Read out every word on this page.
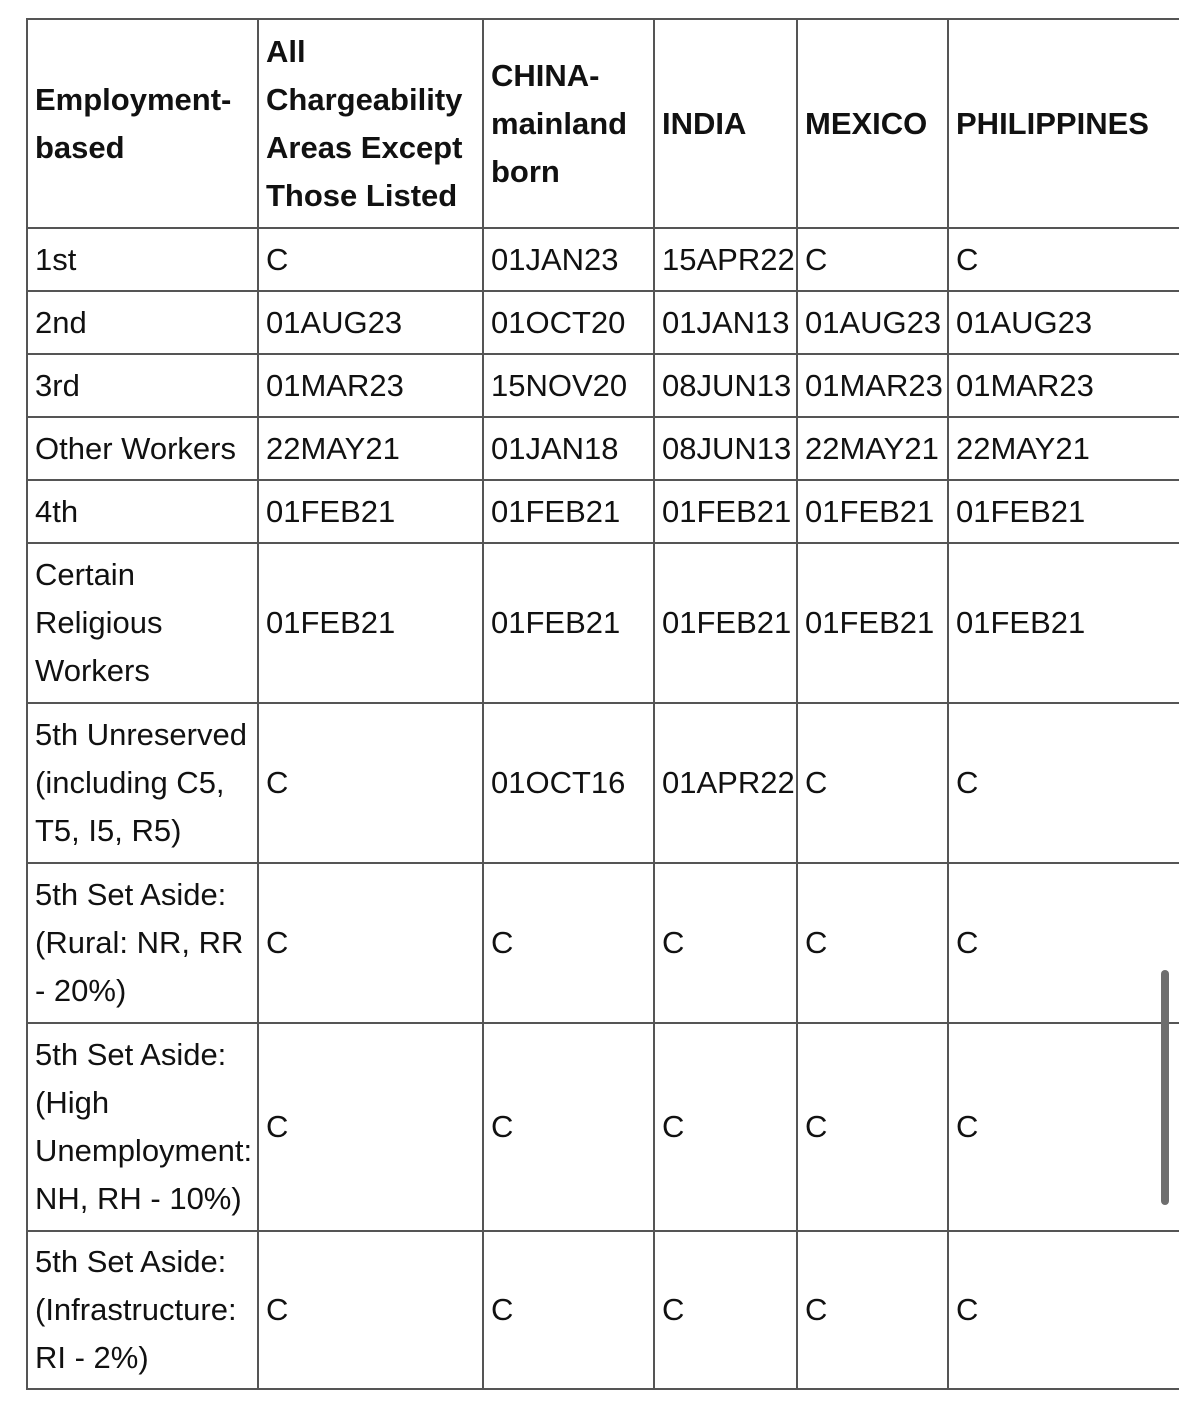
Employment-based	All Chargeability Areas Except Those Listed	CHINA-mainland born	INDIA	MEXICO	PHILIPPINES
1st	C	01JAN23	15APR22	C	C
2nd	01AUG23	01OCT20	01JAN13	01AUG23	01AUG23
3rd	01MAR23	15NOV20	08JUN13	01MAR23	01MAR23
Other Workers	22MAY21	01JAN18	08JUN13	22MAY21	22MAY21
4th	01FEB21	01FEB21	01FEB21	01FEB21	01FEB21
Certain Religious Workers	01FEB21	01FEB21	01FEB21	01FEB21	01FEB21
5th Unreserved (including C5, T5, I5, R5)	C	01OCT16	01APR22	C	C
5th Set Aside: (Rural: NR, RR - 20%)	C	C	C	C	C
5th Set Aside: (High Unemployment: NH, RH - 10%)	C	C	C	C	C
5th Set Aside: (Infrastructure: RI - 2%)	C	C	C	C	C
